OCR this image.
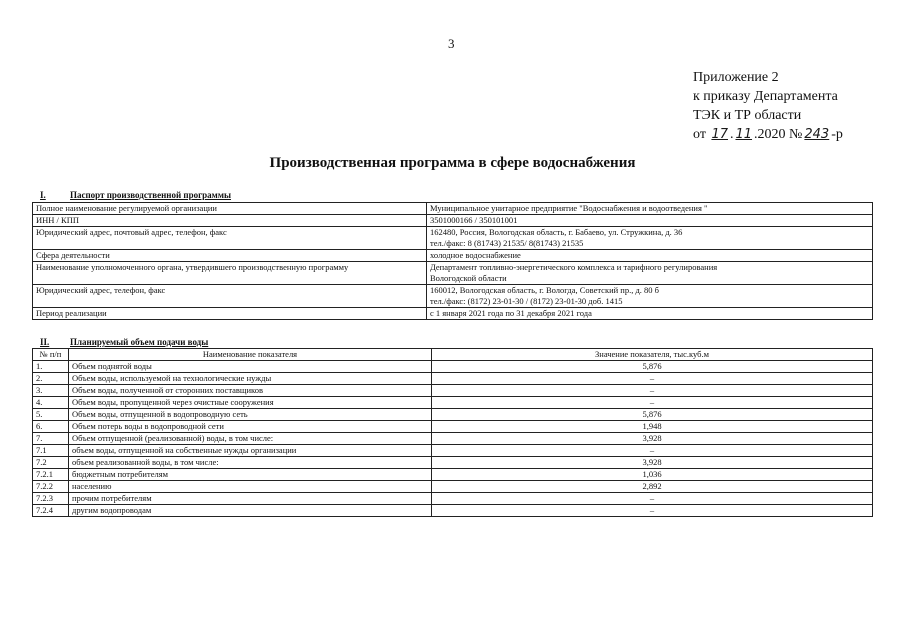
3
Приложение 2
к приказу Департамента
ТЭК и ТР области
от 17 . 11 .2020 № 243 -р
Производственная программа в сфере водоснабжения
I.	Паспорт производственной программы
Полное наименование регулируемой организации	Муниципальное унитарное предприятие "Водоснабжения и водоотведения "

ИНН / КПП	3501000166 / 350101001

Юридический адрес, почтовый адрес, телефон, факс	162480, Россия, Вологодская область, г. Бабаево, ул. Стружкина, д. 36
тел./факс: 8 (81743) 21535/ 8(81743) 21535

Сфера деятельности	холодное водоснабжение

Наименование уполномоченного органа, утвердившего производственную программу	Департамент топливно-энергетического комплекса и тарифного регулирования
Вологодской области

Юридический адрес, телефон, факс	160012, Вологодская область, г. Вологда, Советский пр., д. 80 б
тел./факс: (8172) 23-01-30 / (8172) 23-01-30 доб. 1415

Период реализации	с 1 января 2021 года по 31 декабря 2021 года
II. Планируемый объем подачи воды
№ п/п	Наименование показателя	Значение показателя, тыс.куб.м
1.	Объем поднятой воды	5,876
2.	Объем воды, используемой на технологические нужды	–
3.	Объем воды, полученной от сторонних поставщиков	–
4.	Объем воды, пропущенной через очистные сооружения	–
5.	Объем воды, отпущенной в водопроводную сеть	5,876
6.	Объем потерь воды в водопроводной сети	1,948
7.	Объем отпущенной (реализованной) воды, в том числе:	3,928
7.1	объем воды, отпущенной на собственные нужды организации	–
7.2	объем реализованной воды, в том числе:	3,928
7.2.1	бюджетным потребителям	1,036
7.2.2	населению	2,892
7.2.3	прочим потребителям	–
7.2.4	другим водопроводам	–
